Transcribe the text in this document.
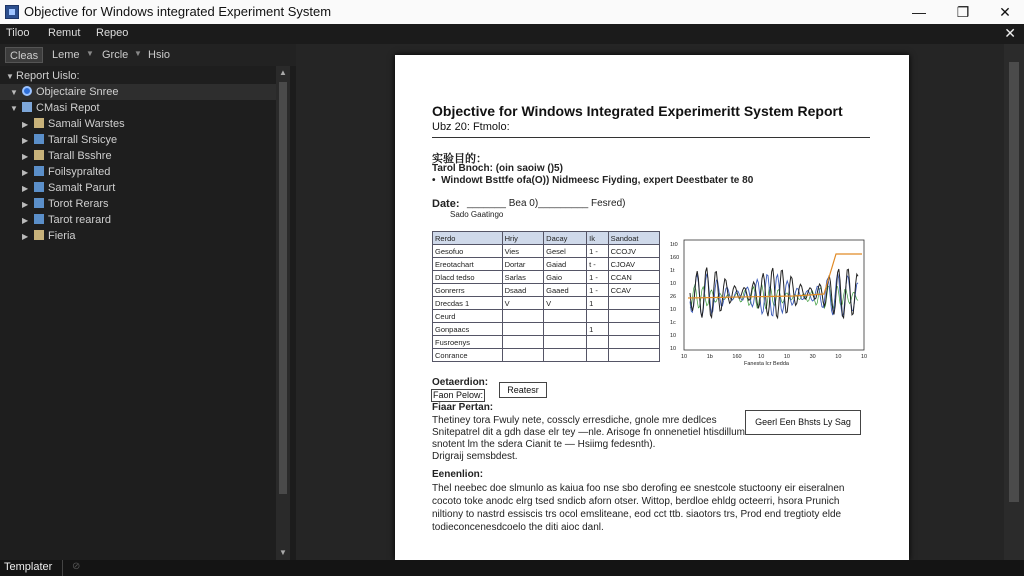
Objective for Windows integrated Experiment System	—	❐	✕
Tiloo Remut Repeo	✕
Cleas	Leme ▼ Grcle ▼ Hsio
▼ Report Uislo:
▼ Objectaire Snree
▼ CMasi Repot
▶ Samali Warstes
▶ Tarrall Srsicye
▶ Tarall Bsshre
▶ Foilsypralted
▶ Samalt Parurt
▶ Torot Rerars
▶ Tarot rearard
▶ Fieria
▲
▼
Objective for Windows Integrated Experimeritt System Report
Ubz 20: Ftmolo:
实验目的：
Tarol Bnoch: (oin saoiw ()5)
• Windowt Bsttfe ofa(O)) Nidmeesc Fiyding, expert Deestbater te 80
Date: _______ Bea 0)_________ Fesred)
Sado Gaatingo
Rerdo	Hriy	Dacay	Ik	Sandoat
Gesofuo	Vies	Gesel	1 -	CCOJV
Ereotachart	Dortar	Gaiad	t -	CJOAV
Dlacd tedso	Sarlas	Gaio	1 -	CCAN
Gonrerrs	Dsaad	Gaaed	1 -	CCAV
Drecdas 1	V	V	1	
Ceurd				
Gonpaacs			1	
Fusroenys				
Conrance				
1t0
160
1t
10
26
10
1c
10
10
10	1b	160	10	10	30	10	10
Fanesta Icr Bedda
Oetaerdion:
Faon Pelow:	Reatesr
Fiaar Pertan:
Thetiney tora Fwuly nete, cosscly erresdiche, gnole mre dedlces
Snitepatrel dit a gdh dase elr tey —nle. Arisoge fn onnenetiel htisdillum
snotent lm the sdera Cianit te — Hsiimg fedesnth).
Drigraij semsbdest.
Geerl Een Bhsts Ly Sag
Eenenlion:
Thel neebec doe slmunlo as kaiua foo nse sbo derofing ee snestcole stuctoony eir eiseralnen
cocoto toke anodc elrg tsed sndicb aforn otser. Wittop, berdloe ehldg octeerri, hsora Prunich
niltiony to nastrd essiscis trs ocol emsliteane, eod cct ttb. siaotors trs, Prod end tregtioty elde
todieconcenesdcoelo the diti aioc danl.
Templater ⊘
